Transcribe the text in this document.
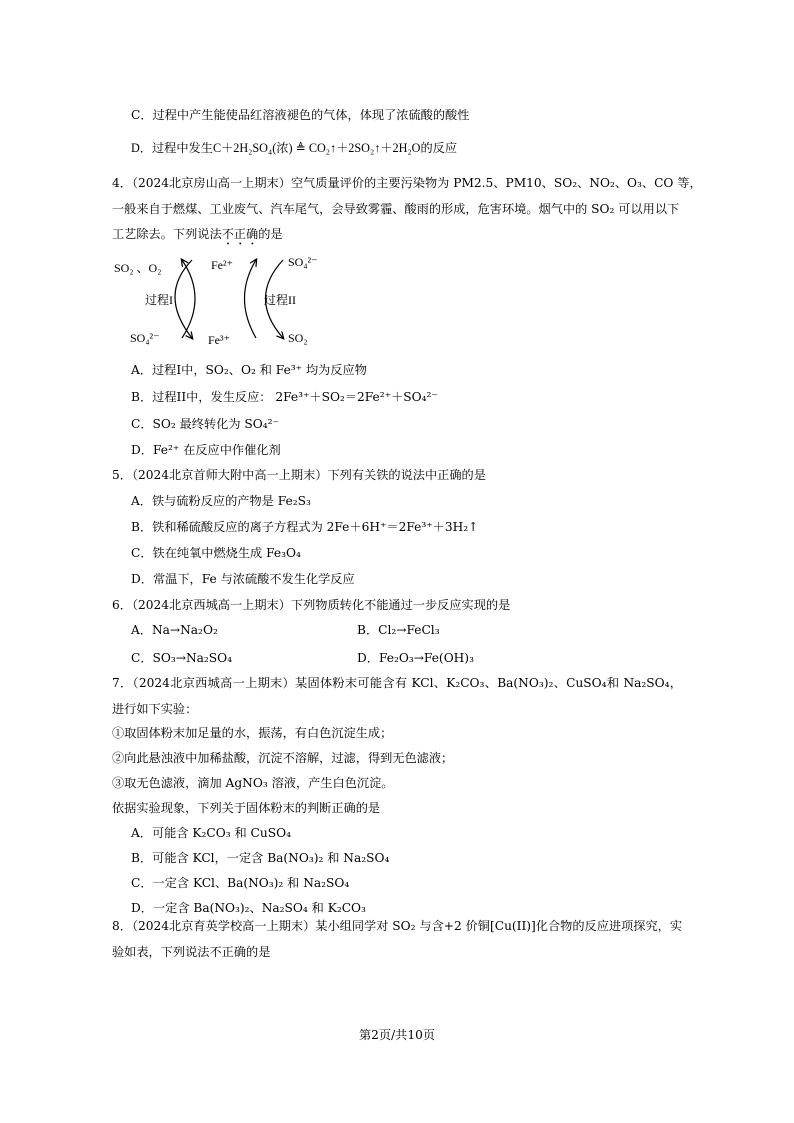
C．过程中产生能使品红溶液褪色的气体，体现了浓硫酸的酸性
D．过程中发生C＋2H₂SO₄(浓) ≜ CO₂↑＋2SO₂↑＋2H₂O的反应
4．（2024北京房山高一上期末）空气质量评价的主要污染物为 PM2.5、PM10、SO₂、NO₂、O₃、CO 等，
一般来自于燃煤、工业废气、汽车尾气，会导致雾霾、酸雨的形成，危害环境。烟气中的 SO₂ 可以用以下
工艺除去。下列说法不正确的是
SO₂ 、O₂
SO₄²⁻
Fe²⁺
Fe³⁺
SO₄²⁻
SO₂
过程I	过程II
A．过程I中，SO₂、O₂ 和 Fe³⁺ 均为反应物
B．过程II中，发生反应： 2Fe³⁺＋SO₂＝2Fe²⁺＋SO₄²⁻
C．SO₂ 最终转化为 SO₄²⁻
D．Fe²⁺ 在反应中作催化剂
5．（2024北京首师大附中高一上期末）下列有关铁的说法中正确的是
A．铁与硫粉反应的产物是 Fe₂S₃
B．铁和稀硫酸反应的离子方程式为 2Fe＋6H⁺＝2Fe³⁺＋3H₂↑
C．铁在纯氧中燃烧生成 Fe₃O₄
D．常温下，Fe 与浓硫酸不发生化学反应
6．（2024北京西城高一上期末）下列物质转化不能通过一步反应实现的是
A．Na→Na₂O₂	B．Cl₂→FeCl₃
C．SO₃→Na₂SO₄	D．Fe₂O₃→Fe(OH)₃
7．（2024北京西城高一上期末）某固体粉末可能含有 KCl、K₂CO₃、Ba(NO₃)₂、CuSO₄和 Na₂SO₄，进行如下实验：
①取固体粉末加足量的水，振荡，有白色沉淀生成；
②向此悬浊液中加稀盐酸，沉淀不溶解，过滤，得到无色滤液；
③取无色滤液，滴加 AgNO₃ 溶液，产生白色沉淀。
依据实验现象，下列关于固体粉末的判断正确的是
A．可能含 K₂CO₃ 和 CuSO₄
B．可能含 KCl，一定含 Ba(NO₃)₂ 和 Na₂SO₄
C．一定含 KCl、Ba(NO₃)₂ 和 Na₂SO₄
D．一定含 Ba(NO₃)₂、Na₂SO₄ 和 K₂CO₃
8．（2024北京育英学校高一上期末）某小组同学对 SO₂ 与含+2 价铜[Cu(II)]化合物的反应进项探究，实验如表，下列说法不正确的是
第2页/共10页
